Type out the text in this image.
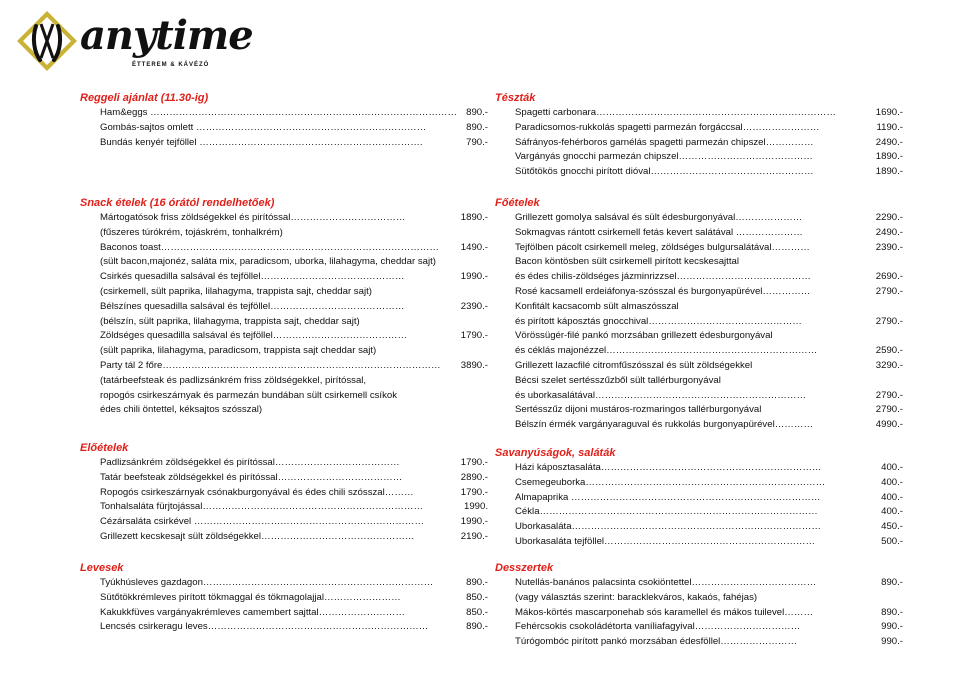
anytime
ÉTTEREM & KÁVÉZÓ
Reggeli ajánlat (11.30-ig)
Ham&eggs …………………………………………………………………………………… 890.-
Gombás-sajtos omlett ………………………………………………………………	890.-
Bundás kenyér tejföllel …………………………………………………………….	790.-
Snack ételek (16 órától rendelhetőek)
Mártogatósok friss zöldségekkel és pirítóssal………………………………	1890.-
(fűszeres túrókrém, tojáskrém, tonhalkrém)
Baconos toast…………………………………………………………………………… 1490.-
(sült bacon,majonéz, saláta mix, paradicsom, uborka, lilahagyma, cheddar sajt)
Csirkés quesadilla salsával és tejföllel………………………………………	1990.-
(csirkemell, sült paprika, lilahagyma, trappista sajt, cheddar sajt)
Bélszínes quesadilla salsával és tejföllel……………………………………	2390.-
(bélszín, sült paprika, lilahagyma, trappista sajt, cheddar sajt)
Zöldséges quesadilla salsával és tejföllel……………………………………	1790.-
(sült paprika, lilahagyma, paradicsom, trappista sajt cheddar sajt)
Party tál 2 főre…………………………………………………………………………… 3890.-
(tatárbeefsteak és padlizsánkrém friss zöldségekkel, pirítóssal,
ropogós csirkeszárnyak és parmezán bundában sült csirkemell csíkok
édes chili öntettel, kéksajtos szósszal)
Előételek
Padlizsánkrém zöldségekkel és pirítóssal…………………………………	1790.-
Tatár beefsteak zöldségekkel és pirítóssal…………………………………	2890.-
Ropogós csirkeszárnyak csónakburgonyával és édes chili szósszal………	1790.-
Tonhalsaláta fürjtojással……………………………………………………………	1990.
Cézársaláta csirkével ………………………………………………………………	1990.-
Grillezett kecskesajt sült zöldségekkel…………………………………………	2190.-
Levesek
Tyúkhúsleves gazdagon………………………………………………………………	890.-
Sütőtökkrémleves pirított tökmaggal és tökmagolajjal……………………	850.-
Kakukkfüves vargányakrémleves camembert sajttal………………………	850.-
Lencsés csirkeragu leves……………………………………………………………	890.-
Tészták
Spagetti carbonara…………………………………………………………………	1690.-
Paradicsomos-rukkolás spagetti parmezán forgáccsal……………………	1190.-
Sáfrányos-fehérboros garnélás spagetti parmezán chipszel……………	2490.-
Vargányás gnocchi parmezán chipszel……………………………………	1890.-
Sütőtökös gnocchi pirított dióval……………………………………………	1890.-
Főételek
Grillezett gomolya salsával és sült édesburgonyával…………………	2290.-
Sokmagvas rántott csirkemell fetás kevert salátával …………………	2490.-
Tejfölben pácolt csirkemell meleg, zöldséges bulgursalátával…………	2390.-
Bacon köntösben sült csirkemell pirított kecskesajttal
és édes chilis-zöldséges jázminrizzsel……………………………………	2690.-
Rosé kacsamell erdeiáfonya-szósszal és burgonyapürével……………	2790.-
Konfitált kacsacomb sült almaszósszal
és pirított káposztás gnocchival…………………………………………	2790.-
Vörössügér-filé pankó morzsában grillezett édesburgonyával
és céklás majonézzel…………………………………………………………	2590.-
Grillezett lazacfilé citromfűszósszal és sült zöldségekkel	3290.-
Bécsi szelet sertésszűzből sült tallérburgonyával
és uborkasalátával…………………………………………………………	2790.-
Sertésszűz dijoni mustáros-rozmaringos tallérburgonyával	2790.-
Bélszín érmék vargányaraguval és rukkolás burgonyapürével…………	4990.-
Savanyúságok, saláták
Házi káposztasaláta……………………………………………………………	400.-
Csemegeuborka…………………………………………………………………	400.-
Almapaprika ……………………………………………………………………	400.-
Cékla……………………………………………………………………………	400.-
Uborkasaláta……………………………………………………………………	450.-
Uborkasaláta tejföllel…………………………………………………………	500.-
Desszertek
Nutellás-banános palacsinta csokiöntettel…………………………………	890.-
(vagy választás szerint: baracklekváros, kakaós, fahéjas)
Mákos-körtés mascarponehab sós karamellel és mákos tuilevel………	890.-
Fehércsokis csokoládétorta vaníliafagyival……………………………	990.-
Túrógombóc pirított pankó morzsában édesföllel……………………	990.-
